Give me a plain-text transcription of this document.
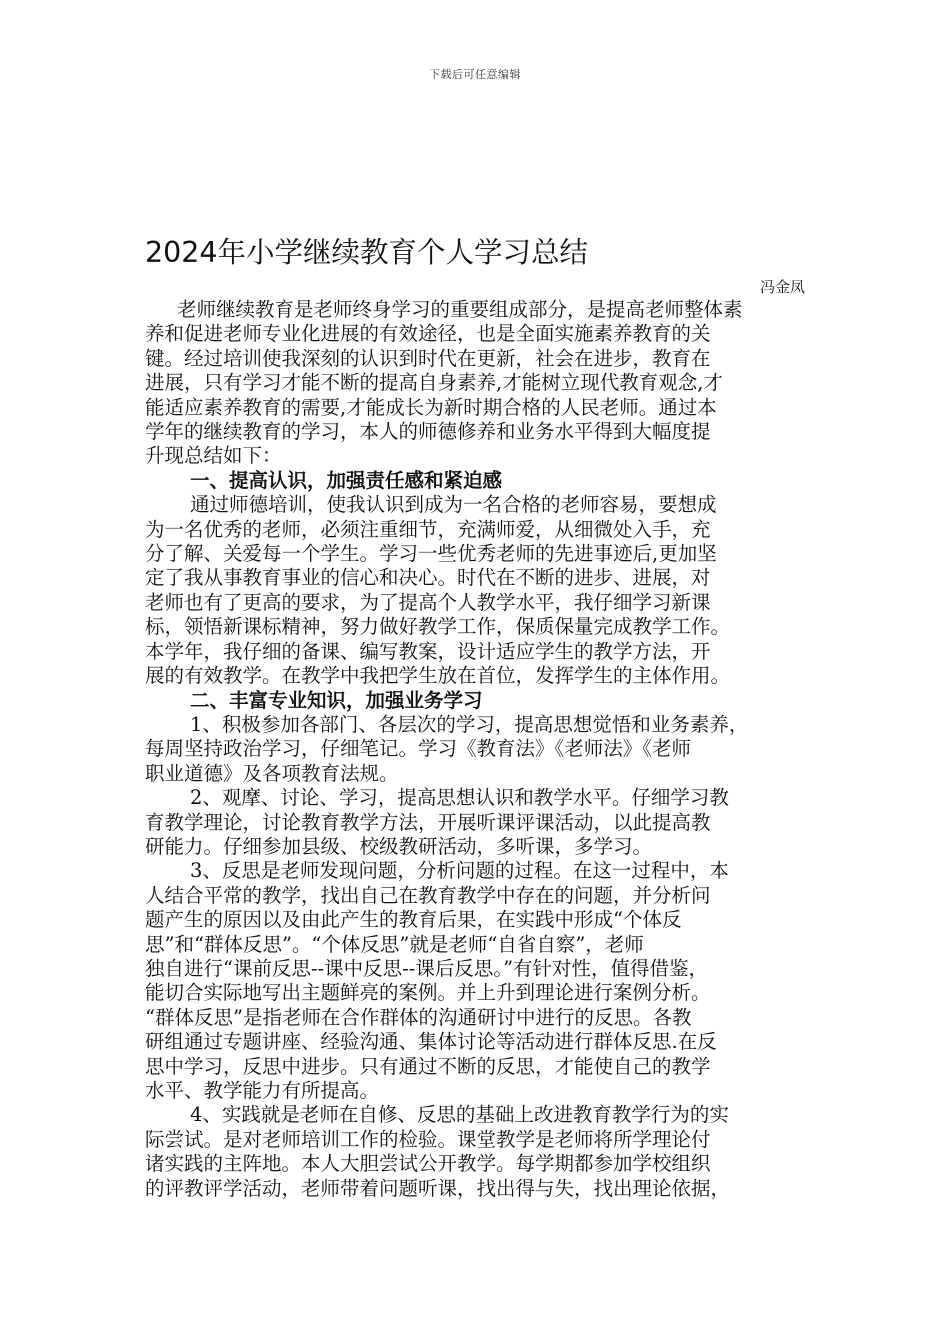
下载后可任意编辑
2024年小学继续教育个人学习总结
冯金凤
老师继续教育是老师终身学习的重要组成部分，是提高老师整体素
养和促进老师专业化进展的有效途径，也是全面实施素养教育的关
键。经过培训使我深刻的认识到时代在更新，社会在进步，教育在
进展，只有学习才能不断的提高自身素养,才能树立现代教育观念,才
能适应素养教育的需要,才能成长为新时期合格的人民老师。通过本
学年的继续教育的学习，本人的师德修养和业务水平得到大幅度提
升现总结如下：
一、提高认识，加强责任感和紧迫感
通过师德培训，使我认识到成为一名合格的老师容易，要想成
为一名优秀的老师，必须注重细节，充满师爱，从细微处入手，充
分了解、关爱每一个学生。学习一些优秀老师的先进事迹后,更加坚
定了我从事教育事业的信心和决心。时代在不断的进步、进展，对
老师也有了更高的要求，为了提高个人教学水平，我仔细学习新课
标，领悟新课标精神，努力做好教学工作，保质保量完成教学工作。
本学年，我仔细的备课、编写教案，设计适应学生的教学方法，开
展的有效教学。在教学中我把学生放在首位，发挥学生的主体作用。
二、丰富专业知识，加强业务学习
1、积极参加各部门、各层次的学习，提高思想觉悟和业务素养，
每周坚持政治学习，仔细笔记。学习《教育法》《老师法》《老师
职业道德》及各项教育法规。
2、观摩、讨论、学习，提高思想认识和教学水平。仔细学习教
育教学理论，讨论教育教学方法，开展听课评课活动，以此提高教
研能力。仔细参加县级、校级教研活动，多听课，多学习。
3、反思是老师发现问题，分析问题的过程。在这一过程中，本
人结合平常的教学，找出自己在教育教学中存在的问题，并分析问
题产生的原因以及由此产生的教育后果，在实践中形成“个体反
思”和“群体反思”。“个体反思”就是老师“自省自察”，老师
独自进行“课前反思--课中反思--课后反思。”有针对性，值得借鉴，
能切合实际地写出主题鲜亮的案例。并上升到理论进行案例分析。
“群体反思”是指老师在合作群体的沟通研讨中进行的反思。各教
研组通过专题讲座、经验沟通、集体讨论等活动进行群体反思.在反
思中学习，反思中进步。只有通过不断的反思，才能使自己的教学
水平、教学能力有所提高。
4、实践就是老师在自修、反思的基础上改进教育教学行为的实
际尝试。是对老师培训工作的检验。课堂教学是老师将所学理论付
诸实践的主阵地。本人大胆尝试公开教学。每学期都参加学校组织
的评教评学活动，老师带着问题听课，找出得与失，找出理论依据，
